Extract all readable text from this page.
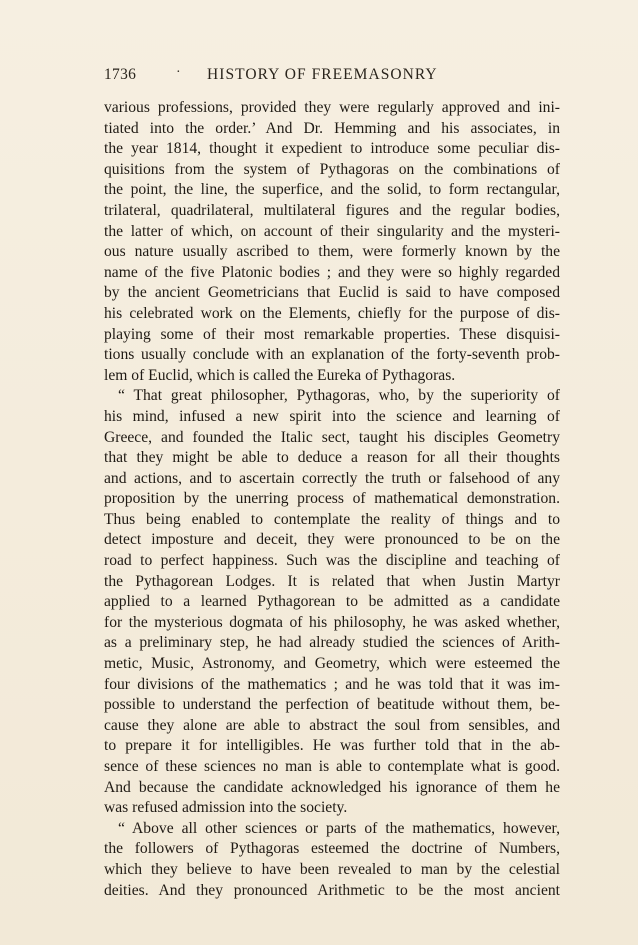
1736	· HISTORY OF FREEMASONRY
various professions, provided they were regularly approved and ini-
tiated into the order.’ And Dr. Hemming and his associates, in
the year 1814, thought it expedient to introduce some peculiar dis-
quisitions from the system of Pythagoras on the combinations of
the point, the line, the superfice, and the solid, to form rectangular,
trilateral, quadrilateral, multilateral figures and the regular bodies,
the latter of which, on account of their singularity and the mysteri-
ous nature usually ascribed to them, were formerly known by the
name of the five Platonic bodies ; and they were so highly regarded
by the ancient Geometricians that Euclid is said to have composed
his celebrated work on the Elements, chiefly for the purpose of dis-
playing some of their most remarkable properties. These disquisi-
tions usually conclude with an explanation of the forty-seventh prob-
lem of Euclid, which is called the Eureka of Pythagoras.
“ That great philosopher, Pythagoras, who, by the superiority of
his mind, infused a new spirit into the science and learning of
Greece, and founded the Italic sect, taught his disciples Geometry
that they might be able to deduce a reason for all their thoughts
and actions, and to ascertain correctly the truth or falsehood of any
proposition by the unerring process of mathematical demonstration.
Thus being enabled to contemplate the reality of things and to
detect imposture and deceit, they were pronounced to be on the
road to perfect happiness. Such was the discipline and teaching of
the Pythagorean Lodges. It is related that when Justin Martyr
applied to a learned Pythagorean to be admitted as a candidate
for the mysterious dogmata of his philosophy, he was asked whether,
as a preliminary step, he had already studied the sciences of Arith-
metic, Music, Astronomy, and Geometry, which were esteemed the
four divisions of the mathematics ; and he was told that it was im-
possible to understand the perfection of beatitude without them, be-
cause they alone are able to abstract the soul from sensibles, and
to prepare it for intelligibles. He was further told that in the ab-
sence of these sciences no man is able to contemplate what is good.
And because the candidate acknowledged his ignorance of them he
was refused admission into the society.
“ Above all other sciences or parts of the mathematics, however,
the followers of Pythagoras esteemed the doctrine of Numbers,
which they believe to have been revealed to man by the celestial
deities. And they pronounced Arithmetic to be the most ancient
